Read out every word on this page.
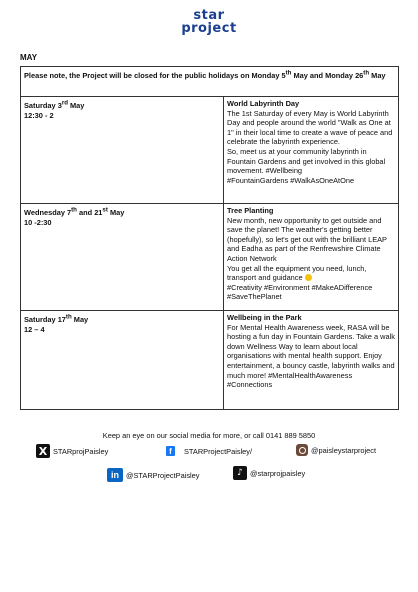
star
project
MAY
Please note, the Project will be closed for the public holidays on Monday 5th May and Monday 26th May	
Saturday 3rd May
12:30 - 2	World Labyrinth Day
The 1st Saturday of every May is World Labyrinth Day and people around the world "Walk as One at 1" in their local time to create a wave of peace and celebrate the labyrinth experience.
So, meet us at your community labyrinth in Fountain Gardens and get involved in this global movement. #Wellbeing
#FountainGardens #WalkAsOneAtOne

Wednesday 7th and 21st May
10 -2:30	Tree Planting
New month, new opportunity to get outside and save the planet! The weather's getting better (hopefully), so let's get out with the brilliant LEAP and Eadha as part of the Renfrewshire Climate Action Network
You get all the equipment you need, lunch, transport and guidance
#Creativity #Environment #MakeADifference #SaveThePlanet

Saturday 17th May
12 – 4	Wellbeing in the Park
For Mental Health Awareness week, RASA will be hosting a fun day in Fountain Gardens. Take a walk down Wellness Way to learn about local organisations with mental health support. Enjoy entertainment, a bouncy castle, labyrinth walks and much more! #MentalHealthAwareness
#Connections
Keep an eye on our social media for more, or call 0141 889 5850
X STARprojPaisley	f	STARProjectPaisley/	@paisleystarproject
in @STARProjectPaisley	♪ @starprojpaisley
